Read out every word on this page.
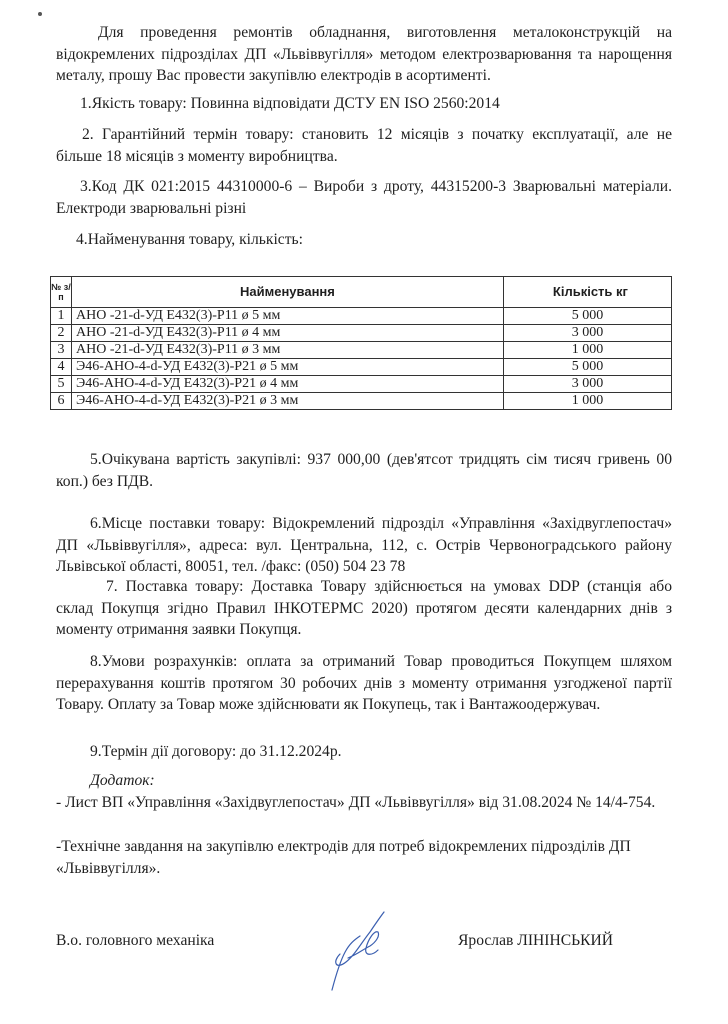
Для проведення ремонтів обладнання, виготовлення металоконструкцій на відокремлених підрозділах ДП «Львіввугілля» методом електрозварювання та нарощення металу, прошу Вас провести закупівлю електродів в асортименті.

1.Якість товару: Повинна відповідати ДСТУ EN ISO 2560:2014

2. Гарантійний термін товару: становить 12 місяців з початку експлуатації, але не більше 18 місяців з моменту виробництва.

3.Код ДК 021:2015 44310000-6 – Вироби з дроту, 44315200-3 Зварювальні матеріали. Електроди зварювальні різні

4.Найменування товару, кількість:

№ з/п	Найменування	Кількість кг
1	АНО -21-d-УД E432(3)-Р11 ø 5 мм	5 000
2	АНО -21-d-УД E432(3)-Р11 ø 4 мм	3 000
3	АНО -21-d-УД E432(3)-Р11 ø 3 мм	1 000
4	Э46-АНО-4-d-УД E432(3)-Р21 ø 5 мм	5 000
5	Э46-АНО-4-d-УД E432(3)-Р21 ø 4 мм	3 000
6	Э46-АНО-4-d-УД E432(3)-Р21 ø 3 мм	1 000

5.Очікувана вартість закупівлі: 937 000,00 (дев'ятсот тридцять сім тисяч гривень 00 коп.) без ПДВ.

6.Місце поставки товару: Відокремлений підрозділ «Управління «Західвуглепостач» ДП «Львіввугілля», адреса: вул. Центральна, 112, с. Острів Червоноградського району Львівської області, 80051, тел. /факс: (050) 504 23 78

7. Поставка товару: Доставка Товару здійснюється на умовах DDP (станція або склад Покупця згідно Правил ІНКОТЕРМС 2020) протягом десяти календарних днів з моменту отримання заявки Покупця.

8.Умови розрахунків: оплата за отриманий Товар проводиться Покупцем шляхом перерахування коштів протягом 30 робочих днів з моменту отримання узгодженої партії Товару. Оплату за Товар може здійснювати як Покупець, так і Вантажоодержувач.

9.Термін дії договору: до 31.12.2024р.

Додаток:

- Лист ВП «Управління «Західвуглепостач» ДП «Львіввугілля» від 31.08.2024 № 14/4-754.

-Технічне завдання на закупівлю електродів для потреб відокремлених підрозділів ДП «Львіввугілля».

В.о. головного механіка	Ярослав ЛІНІНСЬКИЙ
